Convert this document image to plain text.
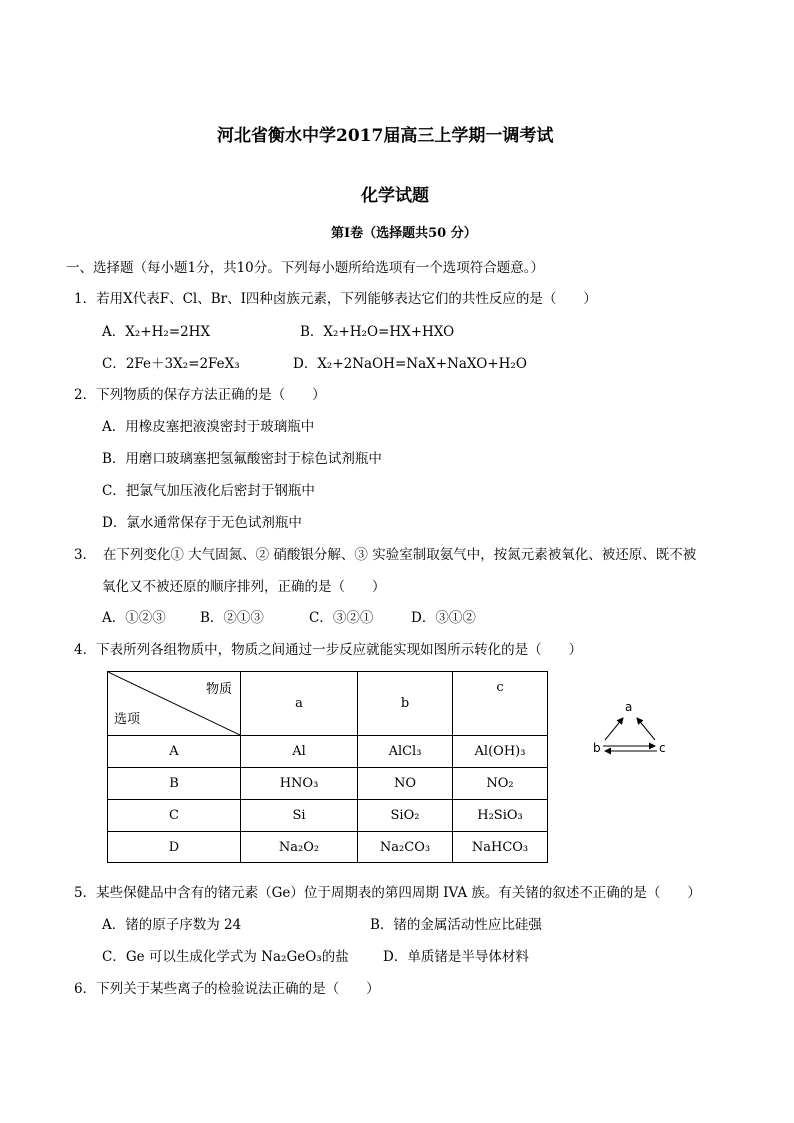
河北省衡水中学2017届高三上学期一调考试
化学试题
第I卷（选择题共50 分）
一、选择题（每小题1分，共10分。下列每小题所给选项有一个选项符合题意。）
1．若用X代表F、Cl、Br、I四种卤族元素，下列能够表达它们的共性反应的是（　　）
A．X₂+H₂=2HX	B．X₂+H₂O=HX+HXO
C．2Fe＋3X₂=2FeX₃	D．X₂+2NaOH=NaX+NaXO+H₂O
2．下列物质的保存方法正确的是（　　）
A．用橡皮塞把液溴密封于玻璃瓶中
B．用磨口玻璃塞把氢氟酸密封于棕色试剂瓶中
C．把氯气加压液化后密封于钢瓶中
D．氯水通常保存于无色试剂瓶中
3．　在下列变化① 大气固氮、② 硝酸银分解、③ 实验室制取氨气中，按氮元素被氧化、被还原、既不被
氧化又不被还原的顺序排列，正确的是（　　）
A．①②③	B．②①③	C．③②①	D．③①②
4．下表所列各组物质中，物质之间通过一步反应就能实现如图所示转化的是（　　）
物质
选项	a	b	c
A	Al	AlCl₃	Al(OH)₃
B	HNO₃	NO	NO₂
C	Si	SiO₂	H₂SiO₃
D	Na₂O₂	Na₂CO₃	NaHCO₃
a
b	c
5．某些保健品中含有的锗元素（Ge）位于周期表的第四周期 IVA 族。有关锗的叙述不正确的是（　　）
A．锗的原子序数为 24	B．锗的金属活动性应比硅强
C．Ge 可以生成化学式为 Na₂GeO₃的盐	D．单质锗是半导体材料
6．下列关于某些离子的检验说法正确的是（　　）
